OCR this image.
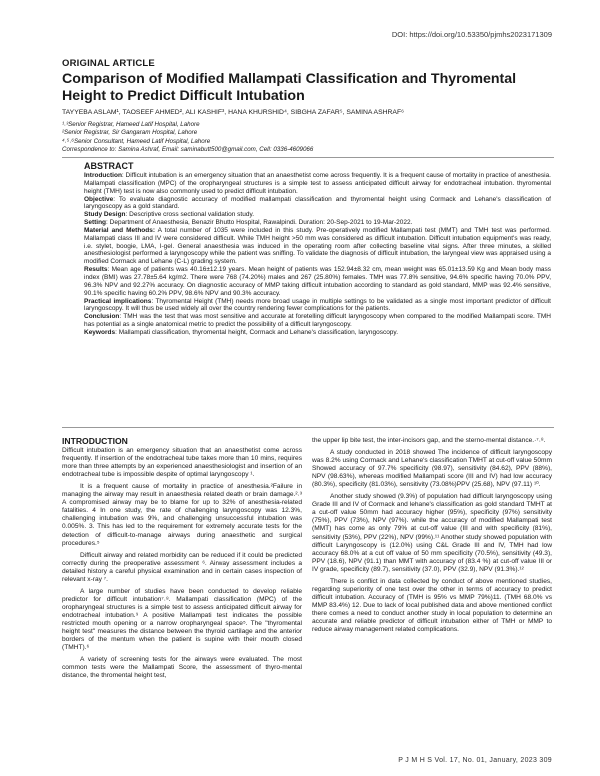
DOI: https://doi.org/10.53350/pjmhs2023171309
ORIGINAL ARTICLE
Comparison of Modified Mallampati Classification and Thyromental Height to Predict Difficult Intubation
TAYYEBA ASLAM¹, TAOSEEF AHMED², ALI KASHIF³, HANA KHURSHID⁴, SIBGHA ZAFAR⁵, SAMINA ASHRAF⁶
¹˒³Senior Registrar, Hameed Latif Hospital, Lahore
²Senior Registrar, Sir Gangaram Hospital, Lahore
⁴˒⁵˒⁶Senior Consultant, Hameed Latif Hospital, Lahore
Correspondence to: Samina Ashraf, Email: saminabutt500@gmail.com, Cell: 0336-4609066
ABSTRACT

Introduction: Difficult intubation is an emergency situation that an anaesthetist come across frequently. It is a frequent cause of mortality in practice of anesthesia. Mallampati classification (MPC) of the oropharyngeal structures is a simple test to assess anticipated difficult airway for endotracheal intubation. thyromental height (TMH) test is now also commonly used to predict difficult intubation.

Objective: To evaluate diagnostic accuracy of modified mallampati classification and thyromental height using Cormack and Lehane's classification of laryngoscopy as a gold standard.

Study Design: Descriptive cross sectional validation study.

Setting: Department of Anaesthesia, Benazir Bhutto Hospital, Rawalpindi. Duration: 20-Sep-2021 to 19-Mar-2022.

Material and Methods: A total number of 1035 were included in this study. Pre-operatively modified Mallampati test (MMT) and TMH test was performed. Mallampati class III and IV were considered difficult. While TMH height >50 mm was considered as difficult intubation. Difficult intubation equipment's was ready, i.e. stylet, boogie, LMA, I-gel. General anaesthesia was induced in the operating room after collecting baseline vital signs. After three minutes, a skilled anesthesiologist performed a laryngoscopy while the patient was sniffing. To validate the diagnosis of difficult intubation, the laryngeal view was appraised using a modified Cormack and Lehane (C-L) grading system.

Results: Mean age of patients was 40.16±12.19 years. Mean height of patients was 152.94±8.32 cm, mean weight was 65.01±13.59 Kg and Mean body mass index (BMI) was 27.78±5.64 kg/m2. There were 768 (74.20%) males and 267 (25.80%) females. TMH was 77.8% sensitive, 94.6% specific having 70.0% PPV, 96.3% NPV and 92.27% accuracy. On diagnostic accuracy of MMP taking difficult intubation according to standard as gold standard, MMP was 92.4% sensitive, 90.1% specific having 60.2% PPV, 98.6% NPV and 90.3% accuracy.

Practical implications: Thyromental Height (TMH) needs more broad usage in multiple settings to be validated as a single most important predictor of difficult laryngoscopy. It will thus be used widely all over the country rendering fewer complications for the patients.

Conclusion: TMH was the test that was most sensitive and accurate at foretelling difficult laryngoscopy when compared to the modified Mallampati score. TMH has potential as a single anatomical metric to predict the possibility of a difficult laryngoscopy.

Keywords: Mallampati classification, thyromental height, Cormack and Lehane's classification, laryngoscopy.

INTRODUCTION

Difficult intubation is an emergency situation that an anaesthetist come across frequently. If insertion of the endotracheal tube takes more than 10 mins, requires more than three attempts by an experienced anaesthesiologist and insertion of an endotracheal tube is impossible despite of optimal laryngoscopy ¹.

It is a frequent cause of mortality in practice of anesthesia.²Failure in managing the airway may result in anaesthesia related death or brain damage.²˒³ A compromised airway may be to blame for up to 32% of anesthesia-related fatalities. 4 In one study, the rate of challenging laryngoscopy was 12.3%, challenging intubation was 9%, and challenging unsuccessful intubation was 0.005%. 3. This has led to the requirement for extremely accurate tests for the detection of difficult-to-manage airways during anaesthetic and surgical procedures.⁵

Difficult airway and related morbidity can be reduced if it could be predicted correctly during the preoperative assessment ⁶. Airway assessment includes a detailed history a careful physical examination and in certain cases inspection of relevant x-ray ⁷.

A large number of studies have been conducted to develop reliable predictor for difficult intubation⁷˒⁸. Mallampati classification (MPC) of the oropharyngeal structures is a simple test to assess anticipated difficult airway for endotracheal intubation.⁹ A positive Mallampati test indicates the possible restricted mouth opening or a narrow oropharyngeal space⁵. The "thyromental height test" measures the distance between the thyroid cartilage and the anterior borders of the mentum when the patient is supine with their mouth closed (TMHT).⁶

A variety of screening tests for the airways were evaluated. The most common tests were the Mallampati Score, the assessment of thyro-mental distance, the thromental height test,

the upper lip bite test, the inter-incisors gap, and the sterno-mental distance.·⁷˒⁸.

A study conducted in 2018 showed The incidence of difficult laryngoscopy was 8.2% using Cormack and Lehane's classification TMHT at cut-off value 50mm Showed accuracy of 97.7% specificity (98.97), sensitivity (84.62), PPV (88%), NPV (98.63%), whereas modified Mallampati score (III and IV) had low accuracy (80.3%), specificity (81.03%), sensitivity (73.08%)PPV (25.68), NPV (97.11) ¹⁰.

Another study showed (9.3%) of population had difficult laryngoscopy using Grade III and IV of Cormack and lehane's classification as gold standard TMHT at a cut-off value 50mm had accuracy higher (95%), specificity (97%) sensitivity (75%), PPV (73%), NPV (97%). while the accuracy of modified Mallampati test (MMT) has come as only 79% at cut-off value (III and with specificity (81%), sensitivity (53%), PPV (22%), NPV (99%).¹¹ Another study showed population with difficult Laryngoscopy is (12.0%) using C&L Grade III and IV, TMH had low accuracy 68.0% at a cut off value of 50 mm specificity (70.5%), sensitivity (49.3), PPV (18.6), NPV (91.1) than MMT with accuracy of (83.4 %) at cut-off value III or IV grade, specificity (89.7), sensitivity (37.0), PPV (32.9), NPV (91.3%).¹²

There is conflict in data collected by conduct of above mentioned studies, regarding superiority of one test over the other in terms of accuracy to predict difficult intubation. Accuracy of (TMH is 95% vs MMP 79%)11. (TMH 68.0% vs MMP 83.4%) 12. Due to lack of local published data and above mentioned conflict there comes a need to conduct another study in local population to determine an accurate and reliable predictor of difficult intubation either of TMH or MMP to reduce airway management related complications.

P J M H S Vol. 17, No. 01, January, 2023 309
